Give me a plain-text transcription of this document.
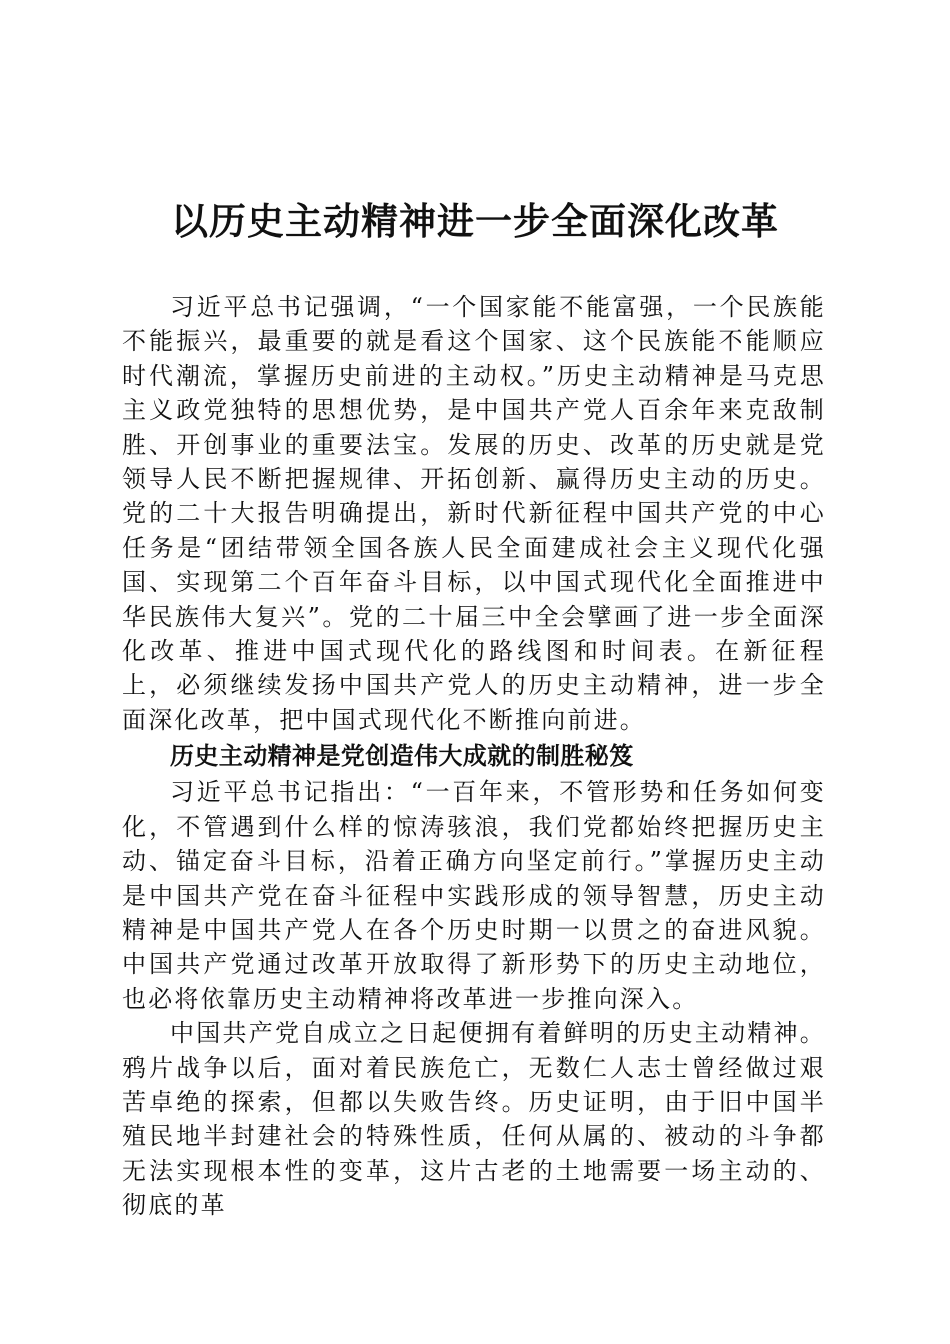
以历史主动精神进一步全面深化改革

习近平总书记强调，“一个国家能不能富强，一个民族能不能振兴，最重要的就是看这个国家、这个民族能不能顺应时代潮流，掌握历史前进的主动权。”历史主动精神是马克思主义政党独特的思想优势，是中国共产党人百余年来克敌制胜、开创事业的重要法宝。发展的历史、改革的历史就是党领导人民不断把握规律、开拓创新、赢得历史主动的历史。党的二十大报告明确提出，新时代新征程中国共产党的中心任务是“团结带领全国各族人民全面建成社会主义现代化强国、实现第二个百年奋斗目标，以中国式现代化全面推进中华民族伟大复兴”。党的二十届三中全会擘画了进一步全面深化改革、推进中国式现代化的路线图和时间表。在新征程上，必须继续发扬中国共产党人的历史主动精神，进一步全面深化改革，把中国式现代化不断推向前进。

历史主动精神是党创造伟大成就的制胜秘笈

习近平总书记指出：“一百年来，不管形势和任务如何变化，不管遇到什么样的惊涛骇浪，我们党都始终把握历史主动、锚定奋斗目标，沿着正确方向坚定前行。”掌握历史主动是中国共产党在奋斗征程中实践形成的领导智慧，历史主动精神是中国共产党人在各个历史时期一以贯之的奋进风貌。中国共产党通过改革开放取得了新形势下的历史主动地位，也必将依靠历史主动精神将改革进一步推向深入。

中国共产党自成立之日起便拥有着鲜明的历史主动精神。鸦片战争以后，面对着民族危亡，无数仁人志士曾经做过艰苦卓绝的探索，但都以失败告终。历史证明，由于旧中国半殖民地半封建社会的特殊性质，任何从属的、被动的斗争都无法实现根本性的变革，这片古老的土地需要一场主动的、彻底的革
